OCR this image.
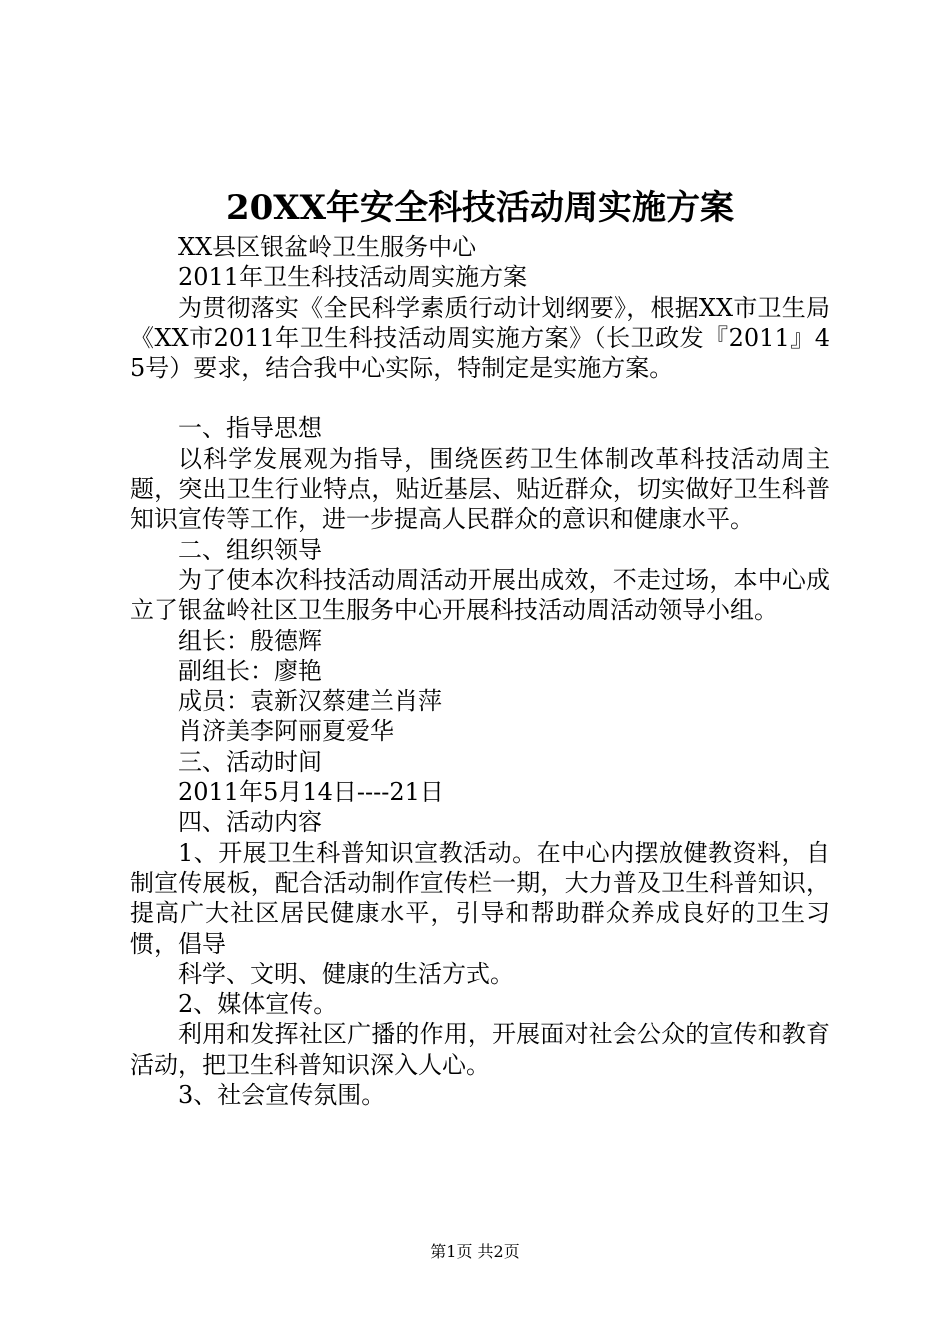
20XX年安全科技活动周实施方案

XX县区银盆岭卫生服务中心

2011年卫生科技活动周实施方案

为贯彻落实《全民科学素质行动计划纲要》，根据XX市卫生局《XX市2011年卫生科技活动周实施方案》（长卫政发『2011』45号）要求，结合我中心实际，特制定是实施方案。

一、指导思想

以科学发展观为指导，围绕医药卫生体制改革科技活动周主题，突出卫生行业特点，贴近基层、贴近群众，切实做好卫生科普知识宣传等工作，进一步提高人民群众的意识和健康水平。

二、组织领导

为了使本次科技活动周活动开展出成效，不走过场，本中心成立了银盆岭社区卫生服务中心开展科技活动周活动领导小组。

组长：殷德辉

副组长：廖艳

成员：袁新汉蔡建兰肖萍

肖济美李阿丽夏爱华

三、活动时间

2011年5月14日----21日

四、活动内容

1、开展卫生科普知识宣教活动。在中心内摆放健教资料，自制宣传展板，配合活动制作宣传栏一期，大力普及卫生科普知识，提高广大社区居民健康水平，引导和帮助群众养成良好的卫生习惯，倡导

科学、文明、健康的生活方式。

2、媒体宣传。

利用和发挥社区广播的作用，开展面对社会公众的宣传和教育活动，把卫生科普知识深入人心。

3、社会宣传氛围。

第1页 共2页
